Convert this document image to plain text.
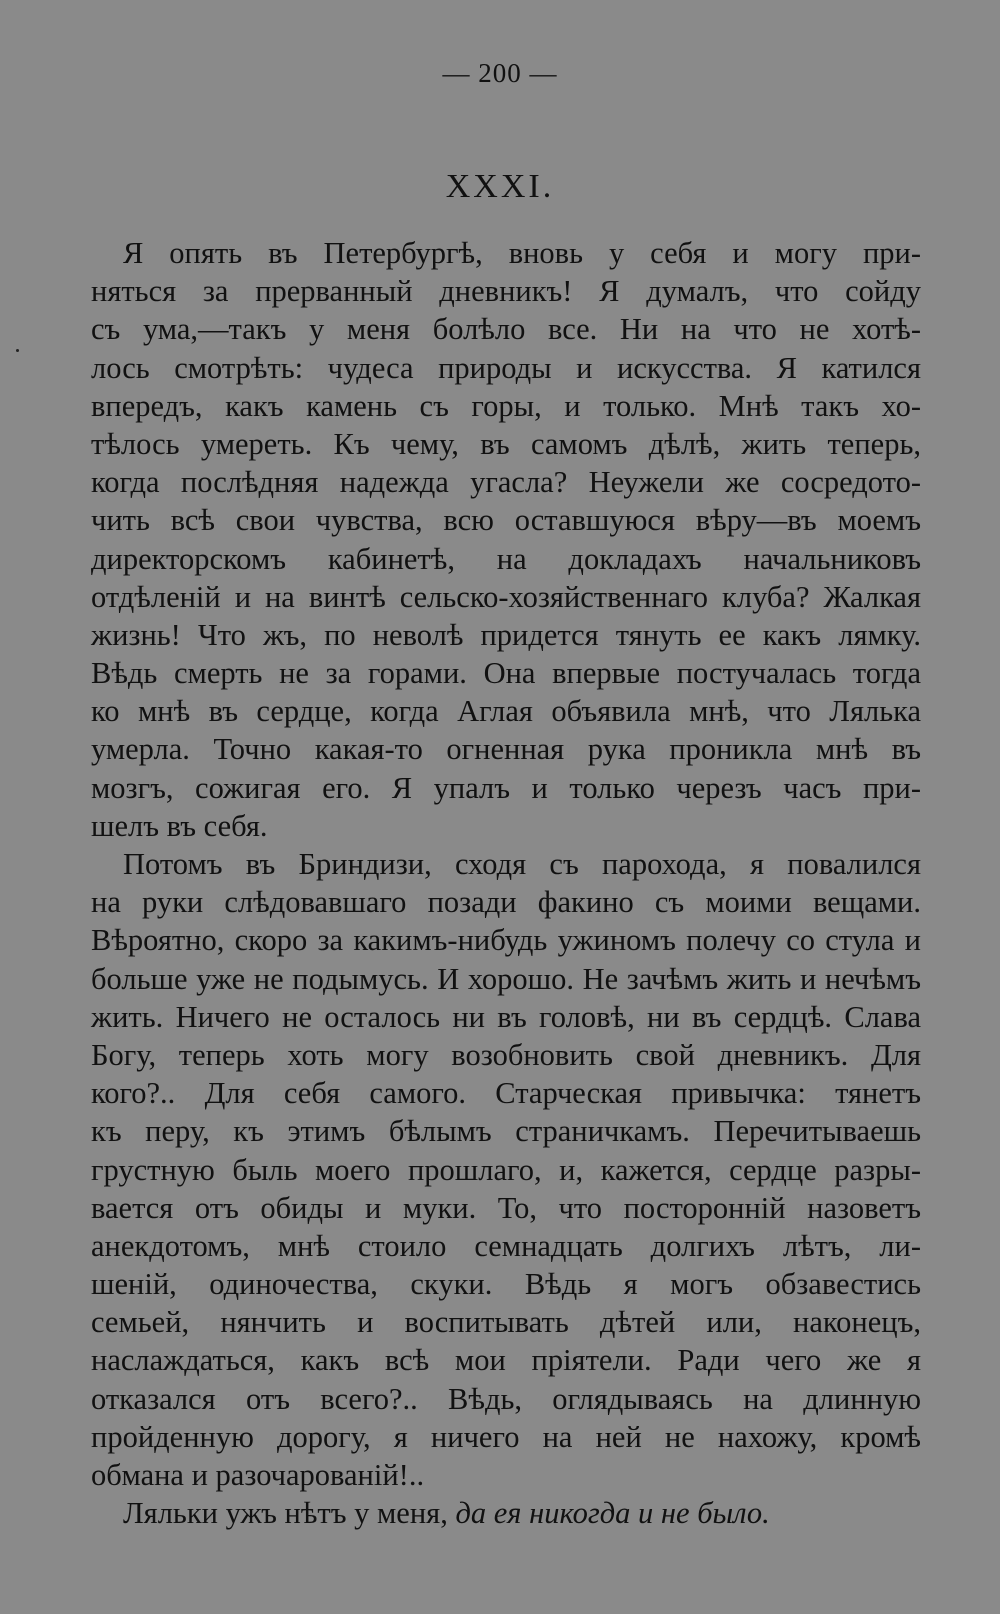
— 200 —
XXXI.
Я опять въ Петербургѣ, вновь у себя и могу при-
няться за прерванный дневникъ! Я думалъ, что сойду
съ ума,—такъ у меня болѣло все. Ни на что не хотѣ-
лось смотрѣть: чудеса природы и искусства. Я катился
впередъ, какъ камень съ горы, и только. Мнѣ такъ хо-
тѣлось умереть. Къ чему, въ самомъ дѣлѣ, жить теперь,
когда послѣдняя надежда угасла? Неужели же сосредото-
чить всѣ свои чувства, всю оставшуюся вѣру—въ моемъ
директорскомъ кабинетѣ, на докладахъ начальниковъ
отдѣленій и на винтѣ сельско-хозяйственнаго клуба? Жалкая
жизнь! Что жъ, по неволѣ придется тянуть ее какъ лямку.
Вѣдь смерть не за горами. Она впервые постучалась тогда
ко мнѣ въ сердце, когда Аглая объявила мнѣ, что Лялька
умерла. Точно какая-то огненная рука проникла мнѣ въ
мозгъ, сожигая его. Я упалъ и только черезъ часъ при-
шелъ въ себя.
Потомъ въ Бриндизи, сходя съ парохода, я повалился
на руки слѣдовавшаго позади факино съ моими вещами.
Вѣроятно, скоро за какимъ-нибудь ужиномъ полечу со стула и
больше уже не подымусь. И хорошо. Не зачѣмъ жить и нечѣмъ
жить. Ничего не осталось ни въ головѣ, ни въ сердцѣ. Слава
Богу, теперь хоть могу возобновить свой дневникъ. Для
кого?.. Для себя самого. Старческая привычка: тянетъ
къ перу, къ этимъ бѣлымъ страничкамъ. Перечитываешь
грустную быль моего прошлаго, и, кажется, сердце разры-
вается отъ обиды и муки. То, что посторонній назоветъ
анекдотомъ, мнѣ стоило семнадцать долгихъ лѣтъ, ли-
шеній, одиночества, скуки. Вѣдь я могъ обзавестись
семьей, нянчить и воспитывать дѣтей или, наконецъ,
наслаждаться, какъ всѣ мои пріятели. Ради чего же я
отказался отъ всего?.. Вѣдь, оглядываясь на длинную
пройденную дорогу, я ничего на ней не нахожу, кромѣ
обмана и разочарованій!..
Ляльки ужъ нѣтъ у меня, да ея никогда и не было.
